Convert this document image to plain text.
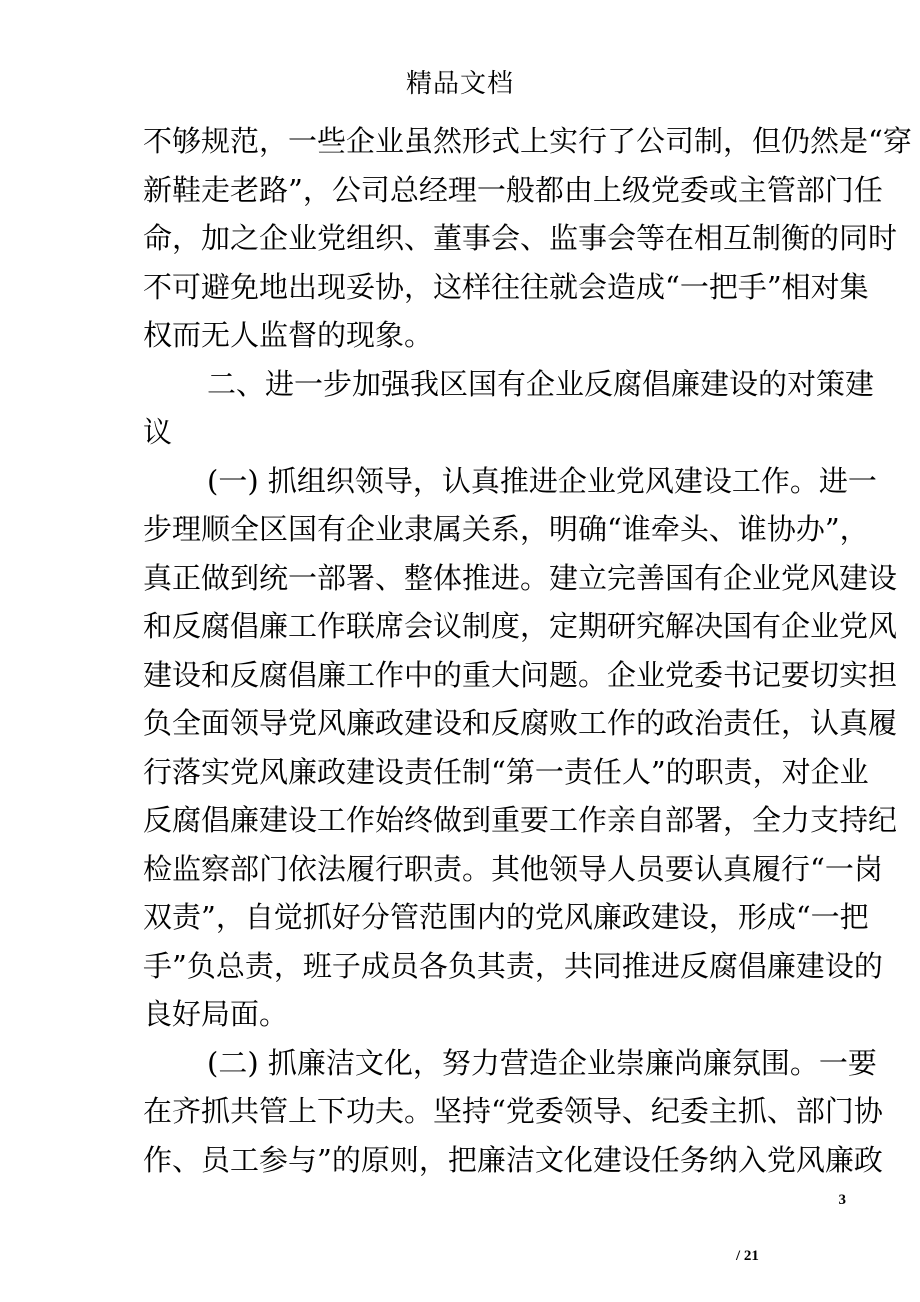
精品文档
不够规范，一些企业虽然形式上实行了公司制，但仍然是“穿
新鞋走老路”，公司总经理一般都由上级党委或主管部门任
命，加之企业党组织、董事会、监事会等在相互制衡的同时
不可避免地出现妥协，这样往往就会造成“一把手”相对集
权而无人监督的现象。
二、进一步加强我区国有企业反腐倡廉建设的对策建
议
(一) 抓组织领导，认真推进企业党风建设工作。进一
步理顺全区国有企业隶属关系，明确“谁牵头、谁协办”，
真正做到统一部署、整体推进。建立完善国有企业党风建设
和反腐倡廉工作联席会议制度，定期研究解决国有企业党风
建设和反腐倡廉工作中的重大问题。企业党委书记要切实担
负全面领导党风廉政建设和反腐败工作的政治责任，认真履
行落实党风廉政建设责任制“第一责任人”的职责，对企业
反腐倡廉建设工作始终做到重要工作亲自部署，全力支持纪
检监察部门依法履行职责。其他领导人员要认真履行“一岗
双责”，自觉抓好分管范围内的党风廉政建设，形成“一把
手”负总责，班子成员各负其责，共同推进反腐倡廉建设的
良好局面。
(二) 抓廉洁文化，努力营造企业崇廉尚廉氛围。一要
在齐抓共管上下功夫。坚持“党委领导、纪委主抓、部门协
作、员工参与”的原则，把廉洁文化建设任务纳入党风廉政
3
/ 21
